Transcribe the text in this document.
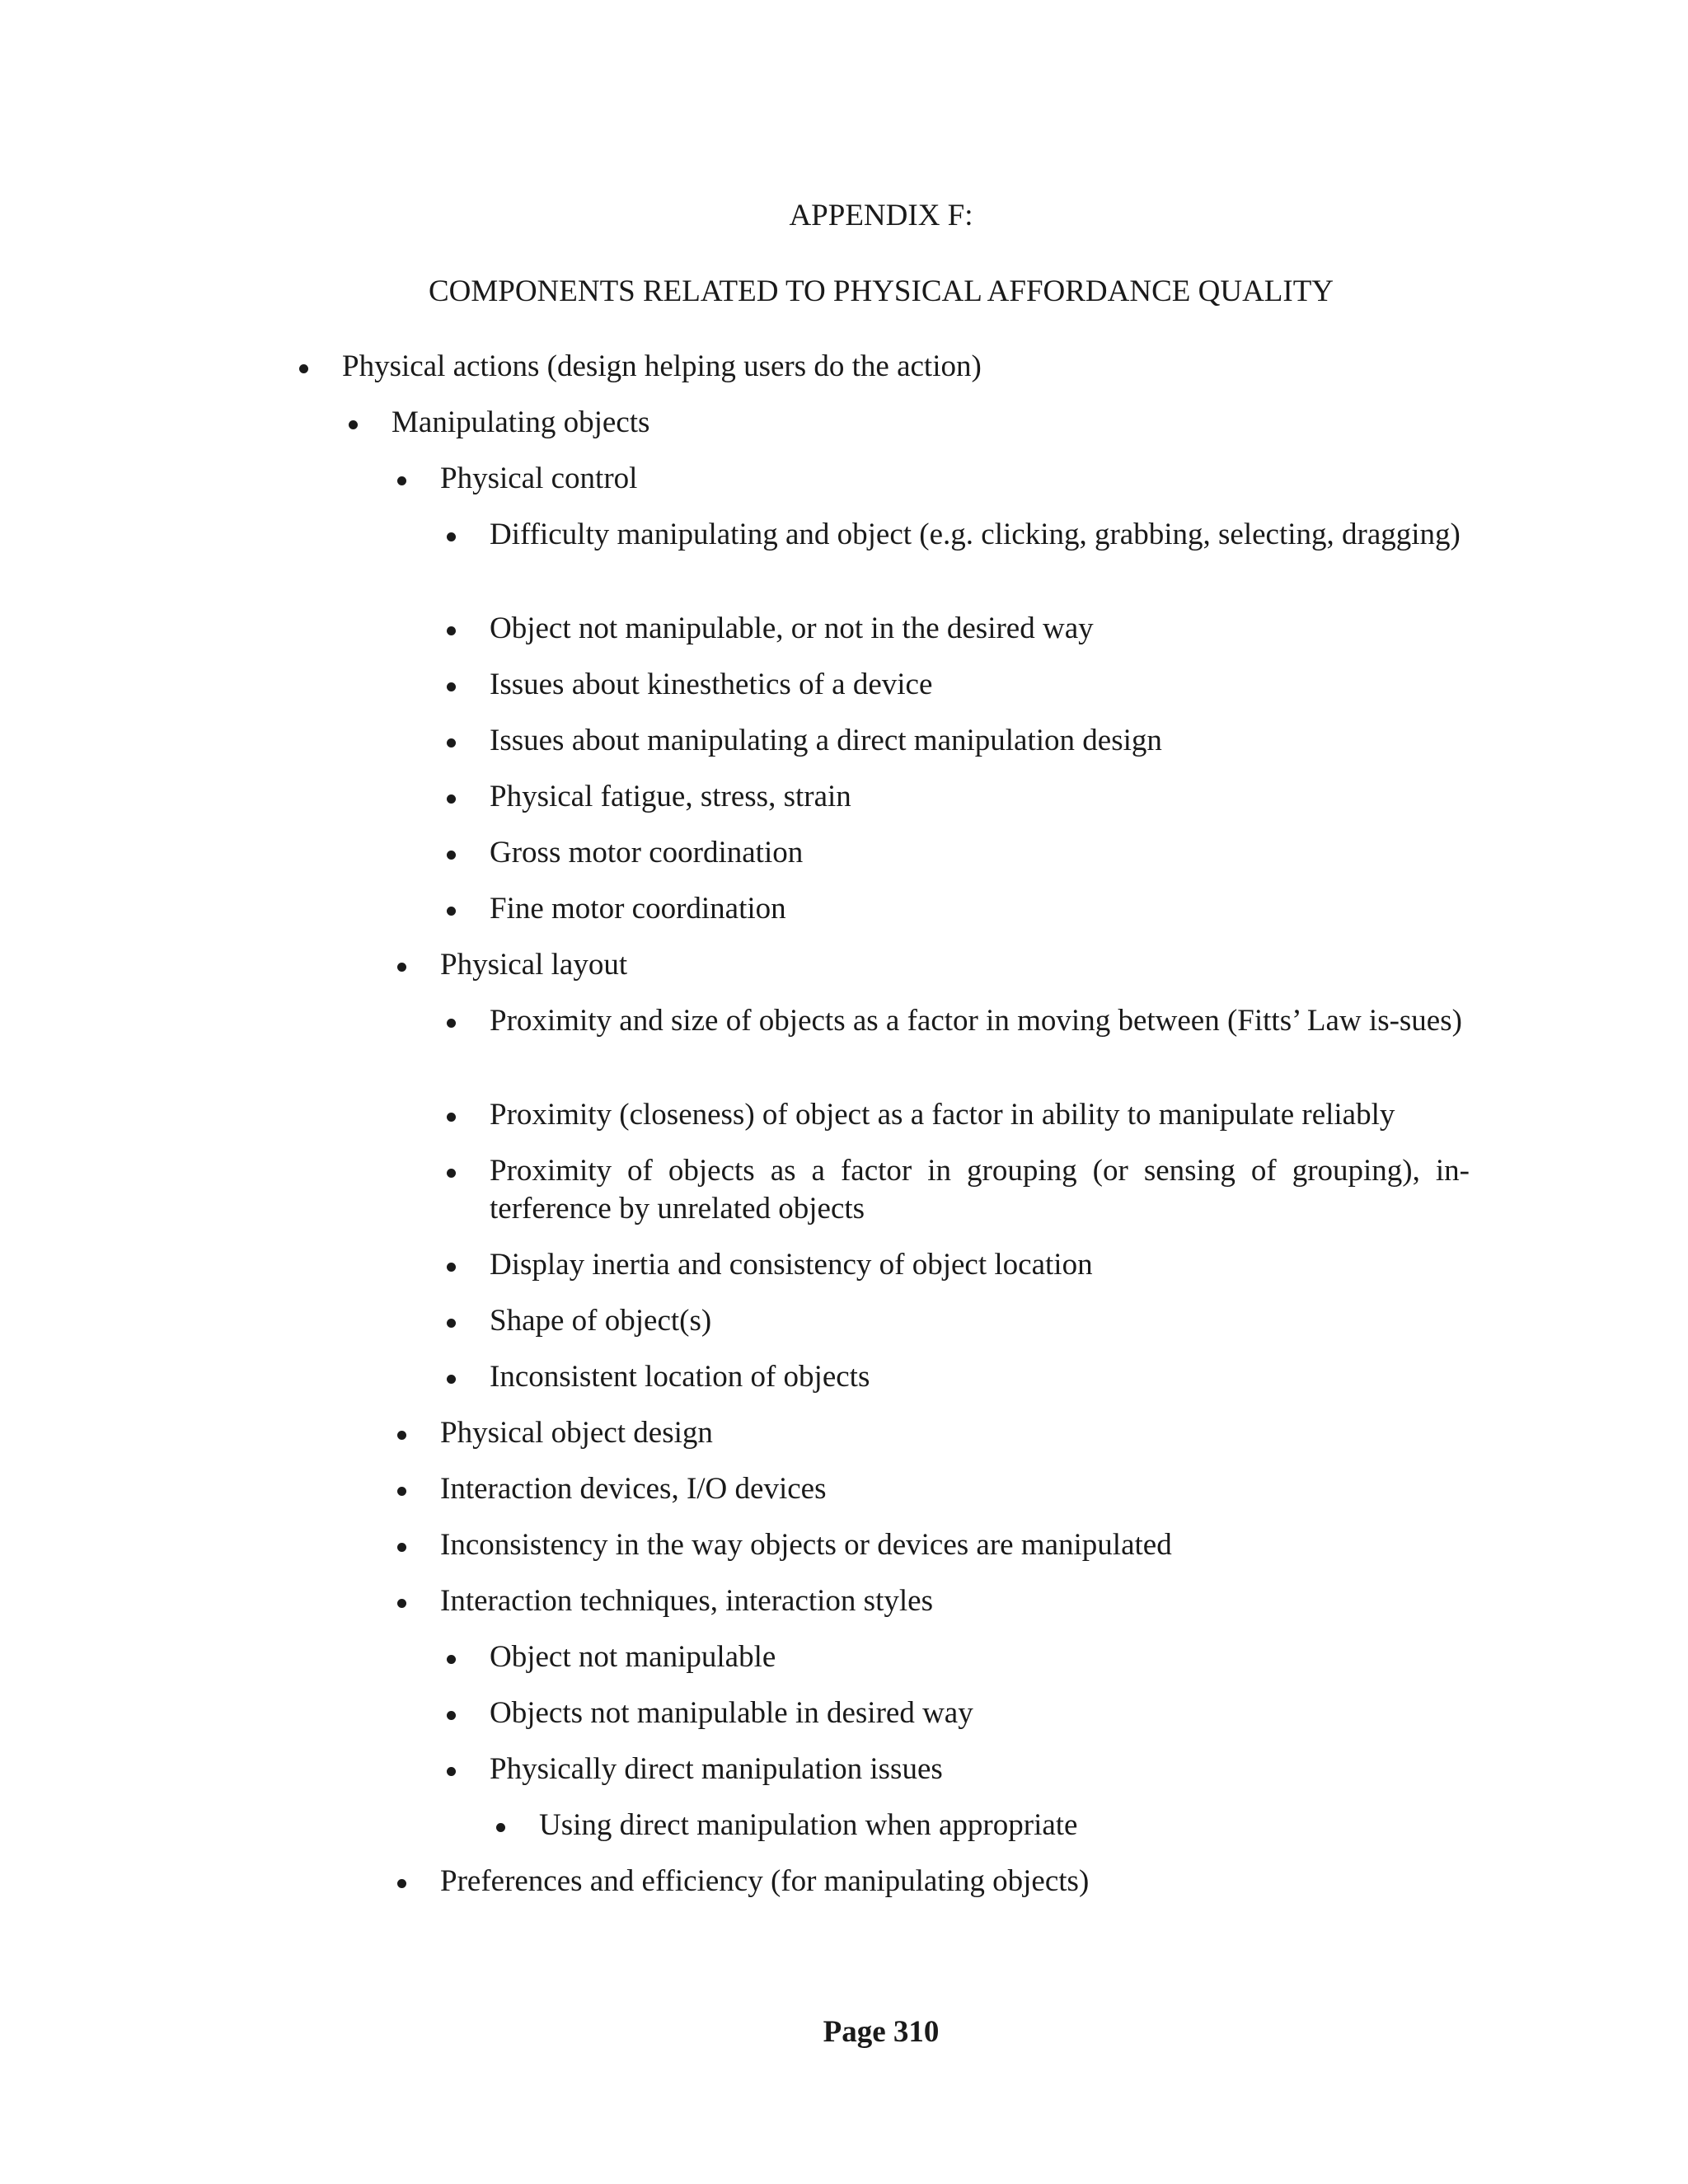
APPENDIX F:
COMPONENTS RELATED TO PHYSICAL AFFORDANCE QUALITY
Physical actions (design helping users do the action)
Manipulating objects
Physical control
Difficulty manipulating and object (e.g. clicking, grabbing, selecting, dragging)
Object not manipulable, or not in the desired way
Issues about kinesthetics of a device
Issues about manipulating a direct manipulation design
Physical fatigue, stress, strain
Gross motor coordination
Fine motor coordination
Physical layout
Proximity and size of objects as a factor in moving between (Fitts’ Law is-sues)
Proximity (closeness) of object as a factor in ability to manipulate reliably
Proximity of objects as a factor in grouping (or sensing of grouping), in-terference by unrelated objects
Display inertia and consistency of object location
Shape of object(s)
Inconsistent location of objects
Physical object design
Interaction devices, I/O devices
Inconsistency in the way objects or devices are manipulated
Interaction techniques, interaction styles
Object not manipulable
Objects not manipulable in desired way
Physically direct manipulation issues
Using direct manipulation when appropriate
Preferences and efficiency (for manipulating objects)
Page 310
